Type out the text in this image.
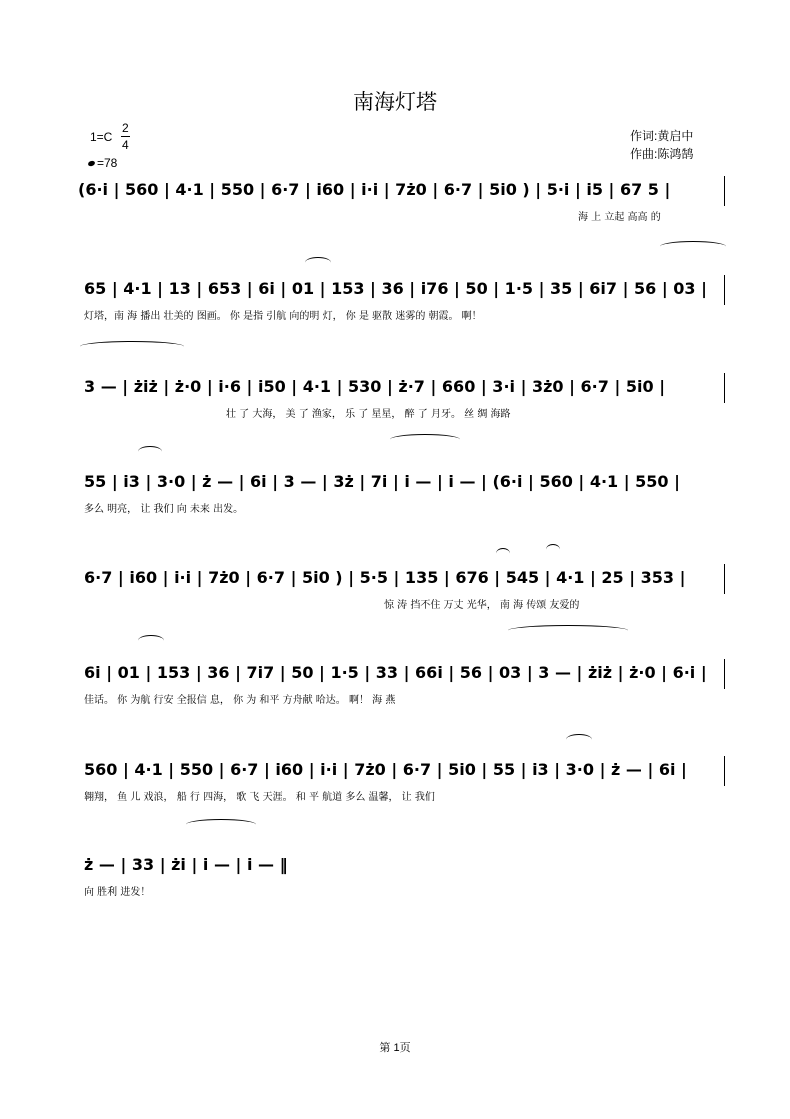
南海灯塔
$1=C \frac{2}{4}$
=78
作词:黄启中
作曲:陈鸿鹄
(6·i | 560 | 4·1 | 550 | 6·7 | i60 | i·i | 7ż0 | 6·7 | 5i0 ) | 5·i | i5 | 67 5 |
海 上 立起 高高 的
65 | 4·1 | 13 | 653 | 6i | 01 | 153 | 36 | i76 | 50 | 1·5 | 35 | 6i7 | 56 | 03 |
灯塔，南 海 播出 壮美的 图画。 你 是指 引航 向的明 灯， 你 是 驱散 迷雾的 朝霞。 啊！
3 — | żiż | ż·0 | i·6 | i50 | 4·1 | 530 | ż·7 | 660 | 3·i | 3ż0 | 6·7 | 5i0 |
壮 了 大海， 美 了 渔家， 乐 了 星星， 醉 了 月牙。 丝 绸 海路
55 | i3 | 3·0 | ż — | 6i | 3 — | 3ż | 7i | i — | i — | (6·i | 560 | 4·1 | 550 |
多么 明亮， 让 我们 向 未来 出发。
6·7 | i60 | i·i | 7ż0 | 6·7 | 5i0 ) | 5·5 | 135 | 676 | 545 | 4·1 | 25 | 353 |
惊 涛 挡不住 万丈 光华， 南 海 传颂 友爱的
6i | 01 | 153 | 36 | 7i7 | 50 | 1·5 | 33 | 66i | 56 | 03 | 3 — | żiż | ż·0 | 6·i |
佳话。 你 为航 行安 全报信 息， 你 为 和平 方舟献 哈达。 啊！ 海 燕
560 | 4·1 | 550 | 6·7 | i60 | i·i | 7ż0 | 6·7 | 5i0 | 55 | i3 | 3·0 | ż — | 6i |
翱翔， 鱼 儿 戏浪， 船 行 四海， 歌 飞 天涯。 和 平 航道 多么 温馨， 让 我们
ż — | 33 | żi | i — | i — ‖
向 胜利 进发！
第 1页
